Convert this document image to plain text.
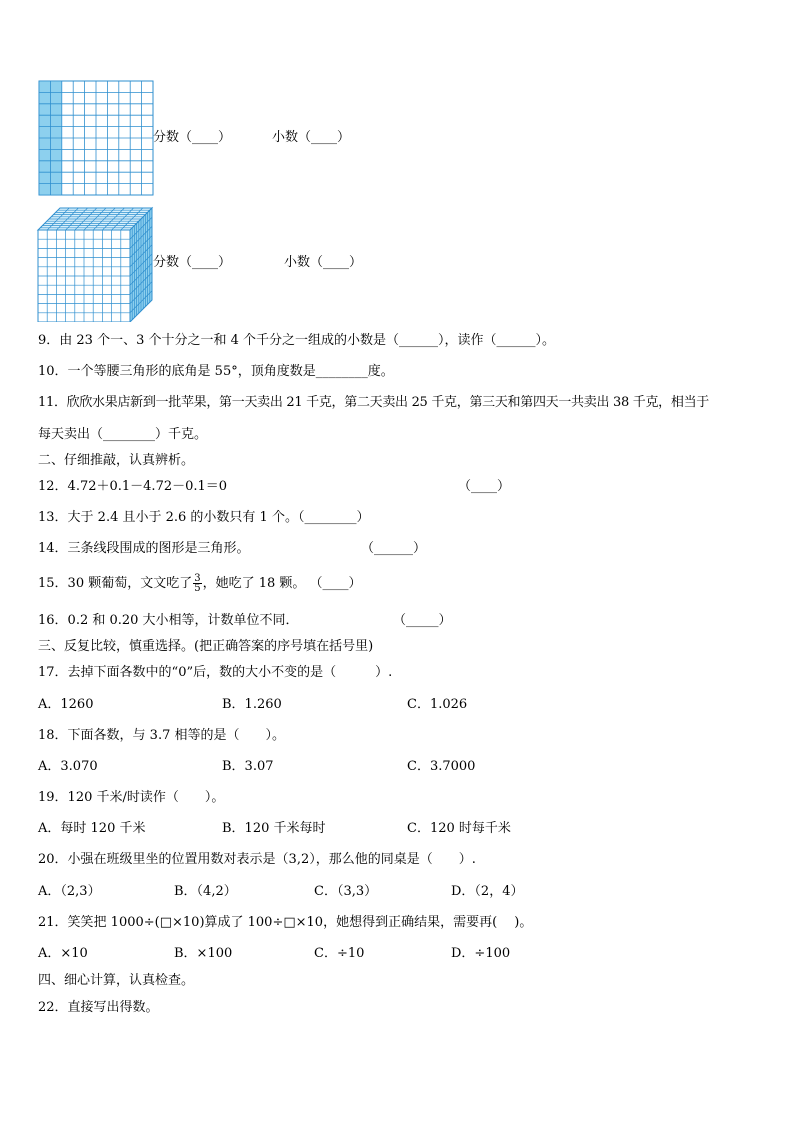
分数（____）	小数（____）
分数（____）	小数（____）
9．由 23 个一、3 个十分之一和 4 个千分之一组成的小数是（______），读作（______）。
10．一个等腰三角形的底角是 55°，顶角度数是________度。
11．欣欣水果店新到一批苹果，第一天卖出 21 千克，第二天卖出 25 千克，第三天和第四天一共卖出 38 千克，相当于
每天卖出（________）千克。
二、仔细推敲，认真辨析。
12．4.72＋0.1－4.72－0.1＝0	（____）
13．大于 2.4 且小于 2.6 的小数只有 1 个。（________）
14．三条线段围成的图形是三角形。	（______）
15．30 颗葡萄，文文吃了 $\frac{3}{5}$ ，她吃了 18 颗。 （____）
16．0.2 和 0.20 大小相等，计数单位不同．	（_____）
三、反复比较，慎重选择。(把正确答案的序号填在括号里)
17．去掉下面各数中的“0”后，数的大小不变的是（　　　）.
A．1260	B．1.260	C．1.026
18．下面各数，与 3.7 相等的是（　　）。
A．3.070	B．3.07	C．3.7000
19．120 千米/时读作（　　）。
A．每时 120 千米	B．120 千米每时	C．120 时每千米
20．小强在班级里坐的位置用数对表示是（3,2），那么他的同桌是（　　）.
A．（2,3）	B．（4,2）	C．（3,3）	D．（2，4）
21．笑笑把 1000÷(□×10)算成了 100÷□×10，她想得到正确结果，需要再(　 )。
A．×10	B．×100	C．÷10	D．÷100
四、细心计算，认真检查。
22．直接写出得数。
